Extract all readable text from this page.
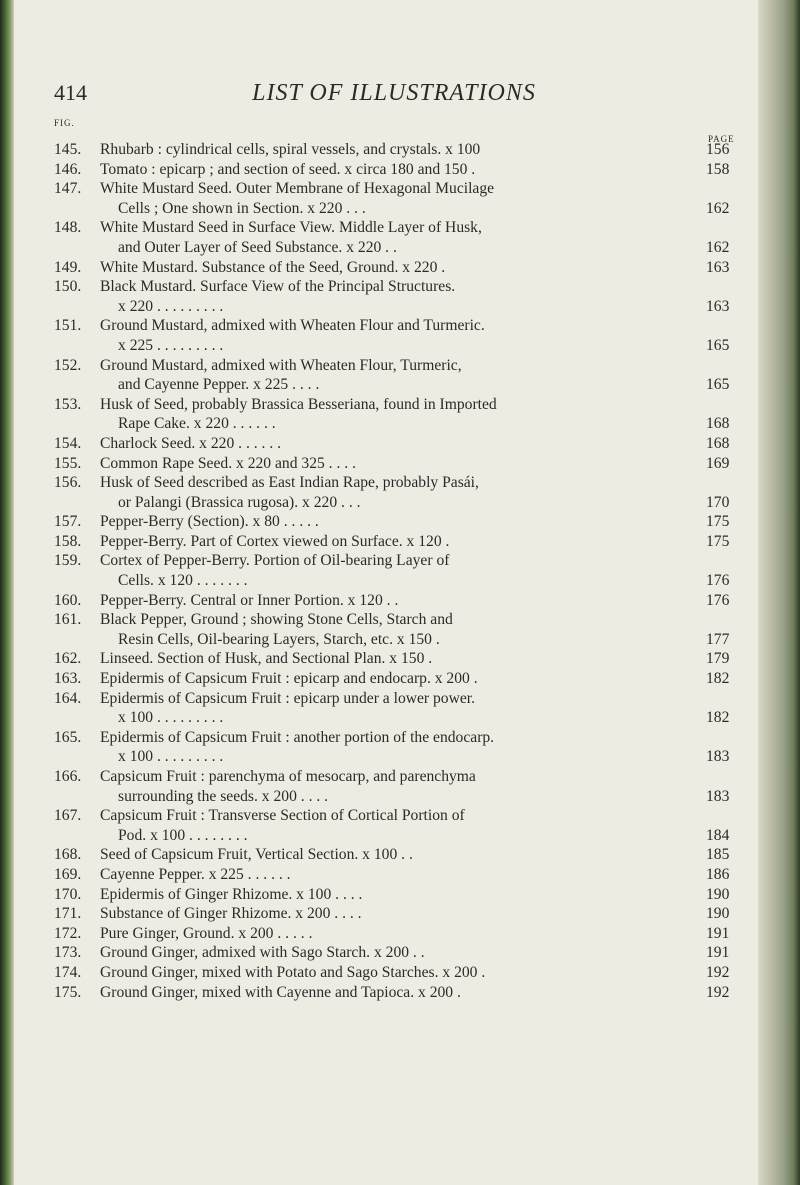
414	LIST OF ILLUSTRATIONS
FIG.
PAGE
145.	Rhubarb : cylindrical cells, spiral vessels, and crystals. x 100	156
146.	Tomato : epicarp ; and section of seed. x circa 180 and 150 .	158
147.	White Mustard Seed. Outer Membrane of Hexagonal Mucilage
Cells ; One shown in Section. x 220 . . .	162
148.	White Mustard Seed in Surface View. Middle Layer of Husk,
and Outer Layer of Seed Substance. x 220 . .	162
149.	White Mustard. Substance of the Seed, Ground. x 220 .	163
150.	Black Mustard. Surface View of the Principal Structures.
x 220 . . . . . . . . .	163
151.	Ground Mustard, admixed with Wheaten Flour and Turmeric.
x 225 . . . . . . . . .	165
152.	Ground Mustard, admixed with Wheaten Flour, Turmeric,
and Cayenne Pepper. x 225 . . . .	165
153.	Husk of Seed, probably Brassica Besseriana, found in Imported
Rape Cake. x 220 . . . . . .	168
154.	Charlock Seed. x 220 . . . . . .	168
155.	Common Rape Seed. x 220 and 325 . . . .	169
156.	Husk of Seed described as East Indian Rape, probably Pasái,
or Palangi (Brassica rugosa). x 220 . . .	170
157.	Pepper-Berry (Section). x 80 . . . . .	175
158.	Pepper-Berry. Part of Cortex viewed on Surface. x 120 .	175
159.	Cortex of Pepper-Berry. Portion of Oil-bearing Layer of
Cells. x 120 . . . . . . .	176
160.	Pepper-Berry. Central or Inner Portion. x 120 . .	176
161.	Black Pepper, Ground ; showing Stone Cells, Starch and
Resin Cells, Oil-bearing Layers, Starch, etc. x 150 .	177
162.	Linseed. Section of Husk, and Sectional Plan. x 150 .	179
163.	Epidermis of Capsicum Fruit : epicarp and endocarp. x 200 .	182
164.	Epidermis of Capsicum Fruit : epicarp under a lower power.
x 100 . . . . . . . . .	182
165.	Epidermis of Capsicum Fruit : another portion of the endocarp.
x 100 . . . . . . . . .	183
166.	Capsicum Fruit : parenchyma of mesocarp, and parenchyma
surrounding the seeds. x 200 . . . .	183
167.	Capsicum Fruit : Transverse Section of Cortical Portion of
Pod. x 100 . . . . . . . .	184
168.	Seed of Capsicum Fruit, Vertical Section. x 100 . .	185
169.	Cayenne Pepper. x 225 . . . . . .	186
170.	Epidermis of Ginger Rhizome. x 100 . . . .	190
171.	Substance of Ginger Rhizome. x 200 . . . .	190
172.	Pure Ginger, Ground. x 200 . . . . .	191
173.	Ground Ginger, admixed with Sago Starch. x 200 . .	191
174.	Ground Ginger, mixed with Potato and Sago Starches. x 200 .	192
175.	Ground Ginger, mixed with Cayenne and Tapioca. x 200 .	192
